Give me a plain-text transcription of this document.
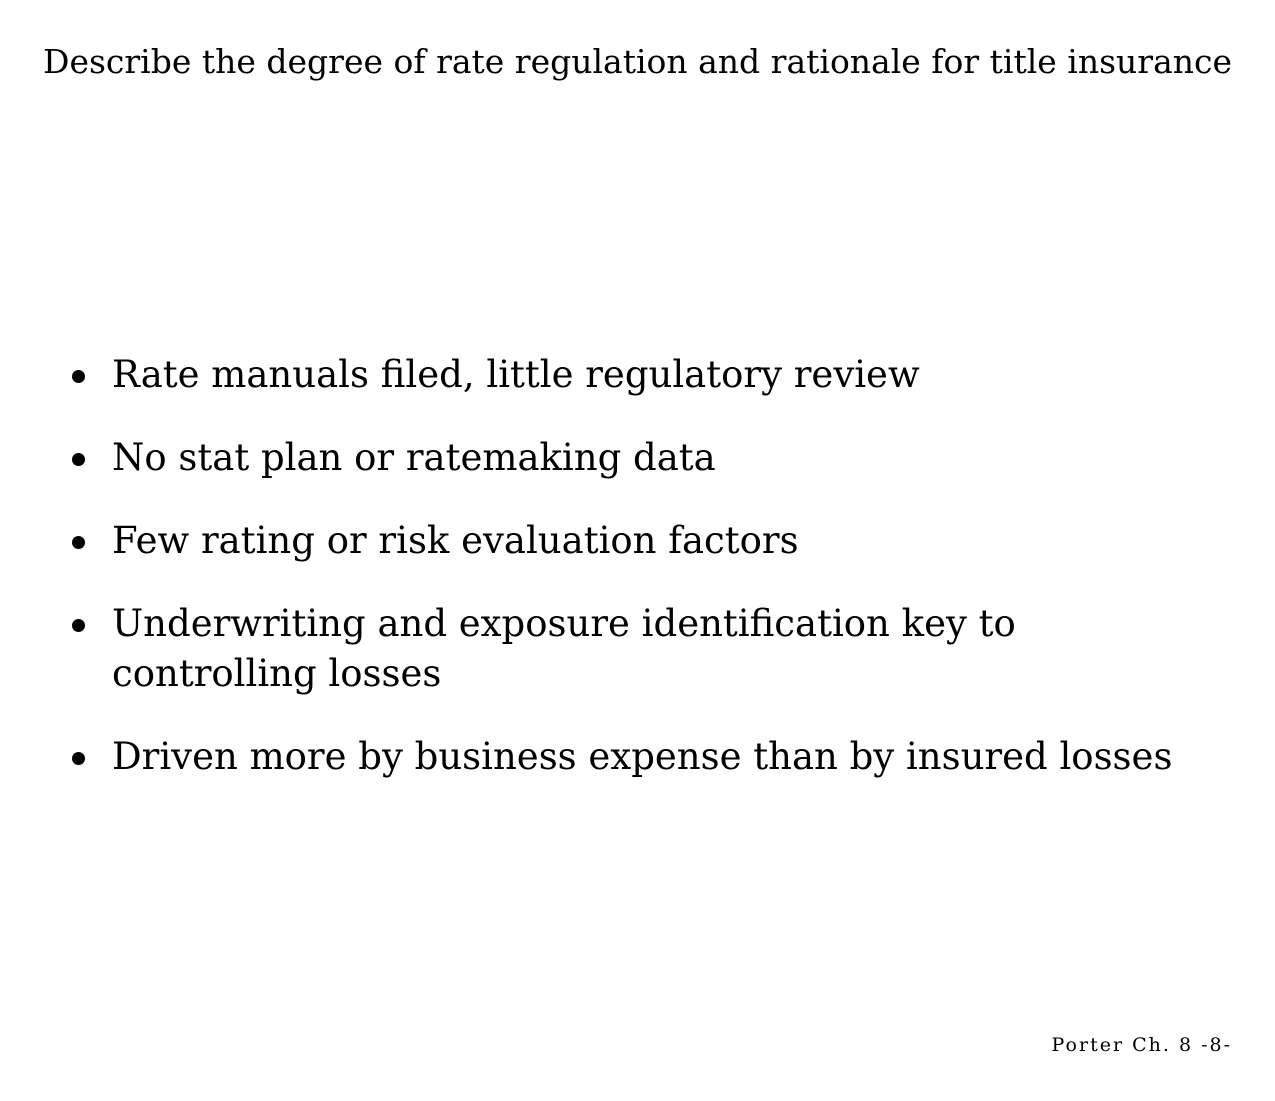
Describe the degree of rate regulation and rationale for title insurance
Rate manuals filed, little regulatory review
No stat plan or ratemaking data
Few rating or risk evaluation factors
Underwriting and exposure identification key to controlling losses
Driven more by business expense than by insured losses
Porter Ch. 8 -8-
